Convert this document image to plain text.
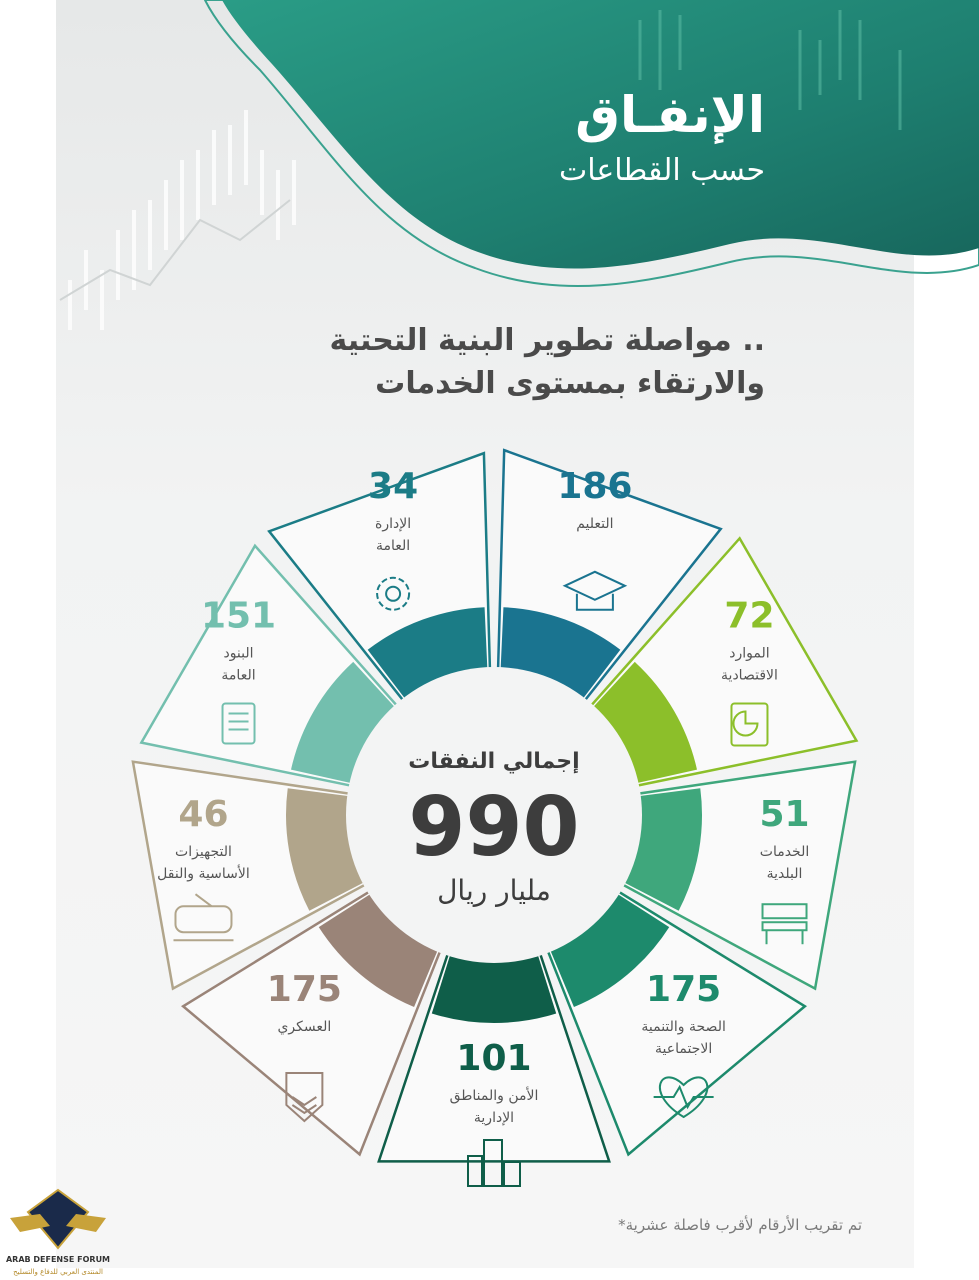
الإنفـاق
حسب القطاعات
مواصلة تطوير البنية التحتية ..
والارتقاء بمستوى الخدمات
186
التعليم
72
الموارد
الاقتصادية
51
الخدمات
البلدية
175
الصحة والتنمية
الاجتماعية
101
الأمن والمناطق
الإدارية
175
العسكري
46
التجهيزات
الأساسية والنقل
151
البنود
العامة
34
الإدارة
العامة
إجمالي النفقات
990
مليار ريال
*تم تقريب الأرقام لأقرب فاصلة عشرية
ARAB DEFENSE FORUM
المنتدى العربي للدفاع والتسليح
